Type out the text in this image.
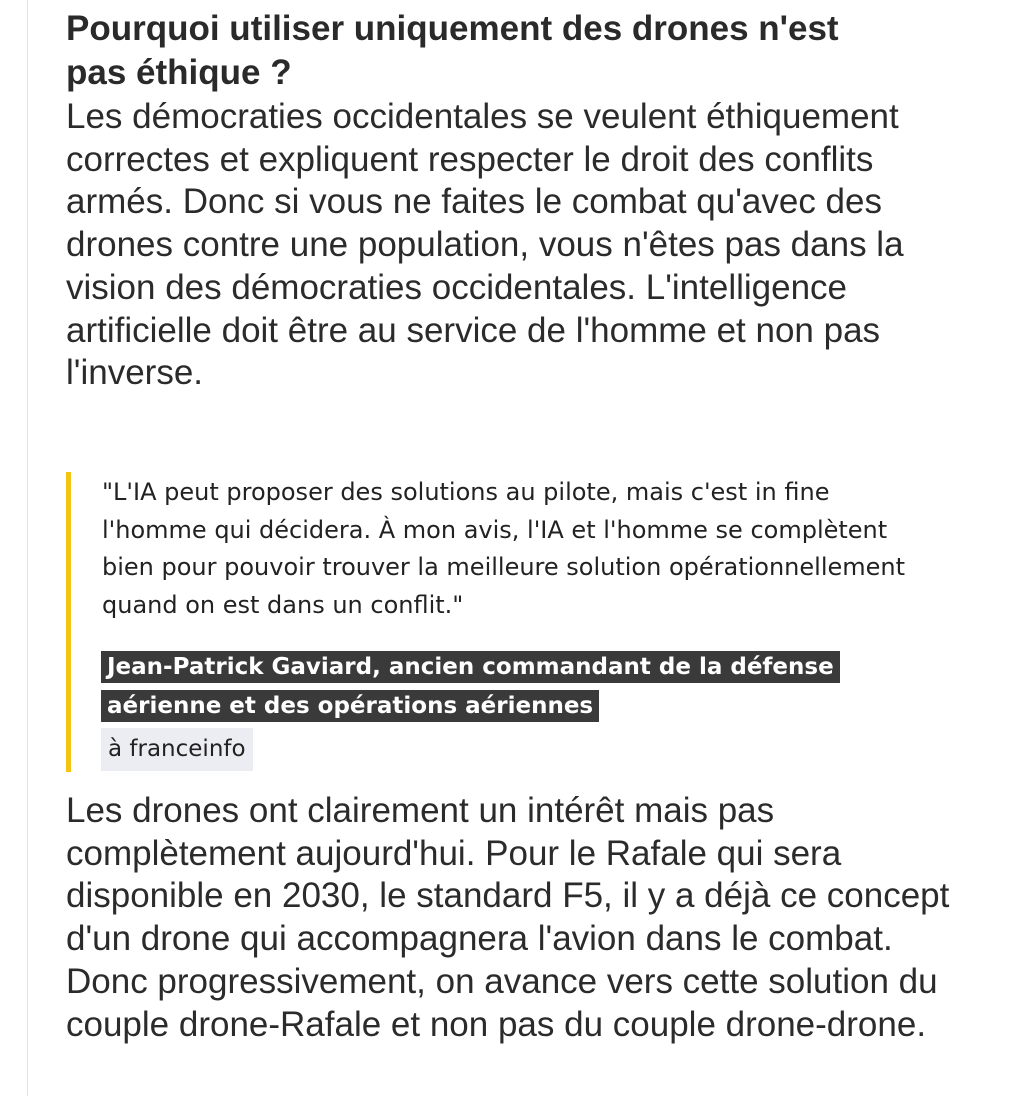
Pourquoi utiliser uniquement des drones n'est pas éthique ?

Les démocraties occidentales se veulent éthiquement correctes et expliquent respecter le droit des conflits armés. Donc si vous ne faites le combat qu'avec des drones contre une population, vous n'êtes pas dans la vision des démocraties occidentales. L'intelligence artificielle doit être au service de l'homme et non pas l'inverse.

"L'IA peut proposer des solutions au pilote, mais c'est in fine l'homme qui décidera. À mon avis, l'IA et l'homme se complètent bien pour pouvoir trouver la meilleure solution opérationnellement quand on est dans un conflit."

Jean-Patrick Gaviard, ancien commandant de la défense aérienne et des opérations aériennes

à franceinfo

Les drones ont clairement un intérêt mais pas complètement aujourd'hui. Pour le Rafale qui sera disponible en 2030, le standard F5, il y a déjà ce concept d'un drone qui accompagnera l'avion dans le combat. Donc progressivement, on avance vers cette solution du couple drone-Rafale et non pas du couple drone-drone.
